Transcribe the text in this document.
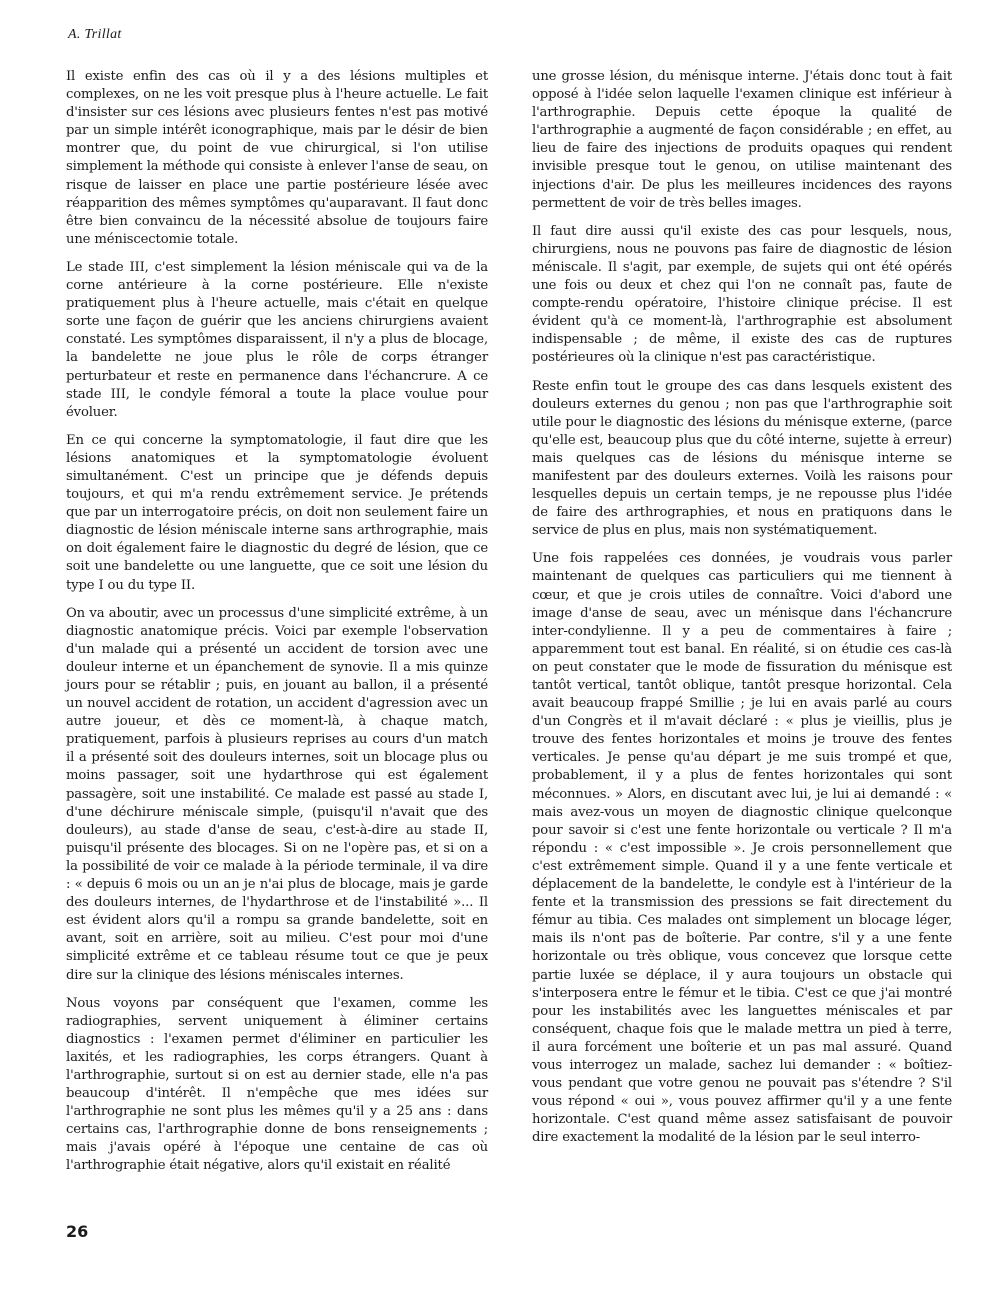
A. Trillat

Il existe enfin des cas où il y a des lésions multiples et complexes, on ne les voit presque plus à l'heure actuelle. Le fait d'insister sur ces lésions avec plusieurs fentes n'est pas motivé par un simple intérêt iconographique, mais par le désir de bien montrer que, du point de vue chirurgical, si l'on utilise simplement la méthode qui consiste à enlever l'anse de seau, on risque de laisser en place une partie postérieure lésée avec réapparition des mêmes symptômes qu'auparavant. Il faut donc être bien convaincu de la nécessité absolue de toujours faire une méniscectomie totale.

Le stade III, c'est simplement la lésion méniscale qui va de la corne antérieure à la corne postérieure. Elle n'existe pratiquement plus à l'heure actuelle, mais c'était en quelque sorte une façon de guérir que les anciens chirurgiens avaient constaté. Les symptômes disparaissent, il n'y a plus de blocage, la bandelette ne joue plus le rôle de corps étranger perturbateur et reste en permanence dans l'échancrure. A ce stade III, le condyle fémoral a toute la place voulue pour évoluer.

En ce qui concerne la symptomatologie, il faut dire que les lésions anatomiques et la symptomatologie évoluent simultanément. C'est un principe que je défends depuis toujours, et qui m'a rendu extrêmement service. Je prétends que par un interrogatoire précis, on doit non seulement faire un diagnostic de lésion méniscale interne sans arthrographie, mais on doit également faire le diagnostic du degré de lésion, que ce soit une bandelette ou une languette, que ce soit une lésion du type I ou du type II.

On va aboutir, avec un processus d'une simplicité extrême, à un diagnostic anatomique précis. Voici par exemple l'observation d'un malade qui a présenté un accident de torsion avec une douleur interne et un épanchement de synovie. Il a mis quinze jours pour se rétablir ; puis, en jouant au ballon, il a présenté un nouvel accident de rotation, un accident d'agression avec un autre joueur, et dès ce moment-là, à chaque match, pratiquement, parfois à plusieurs reprises au cours d'un match il a présenté soit des douleurs internes, soit un blocage plus ou moins passager, soit une hydarthrose qui est également passagère, soit une instabilité. Ce malade est passé au stade I, d'une déchirure méniscale simple, (puisqu'il n'avait que des douleurs), au stade d'anse de seau, c'est-à-dire au stade II, puisqu'il présente des blocages. Si on ne l'opère pas, et si on a la possibilité de voir ce malade à la période terminale, il va dire : « depuis 6 mois ou un an je n'ai plus de blocage, mais je garde des douleurs internes, de l'hydarthrose et de l'instabilité »... Il est évident alors qu'il a rompu sa grande bandelette, soit en avant, soit en arrière, soit au milieu. C'est pour moi d'une simplicité extrême et ce tableau résume tout ce que je peux dire sur la clinique des lésions méniscales internes.

Nous voyons par conséquent que l'examen, comme les radiographies, servent uniquement à éliminer certains diagnostics : l'examen permet d'éliminer en particulier les laxités, et les radiographies, les corps étrangers. Quant à l'arthrographie, surtout si on est au dernier stade, elle n'a pas beaucoup d'intérêt. Il n'empêche que mes idées sur l'arthrographie ne sont plus les mêmes qu'il y a 25 ans : dans certains cas, l'arthrographie donne de bons renseignements ; mais j'avais opéré à l'époque une centaine de cas où l'arthrographie était négative, alors qu'il existait en réalité

une grosse lésion, du ménisque interne. J'étais donc tout à fait opposé à l'idée selon laquelle l'examen clinique est inférieur à l'arthrographie. Depuis cette époque la qualité de l'arthrographie a augmenté de façon considérable ; en effet, au lieu de faire des injections de produits opaques qui rendent invisible presque tout le genou, on utilise maintenant des injections d'air. De plus les meilleures incidences des rayons permettent de voir de très belles images.

Il faut dire aussi qu'il existe des cas pour lesquels, nous, chirurgiens, nous ne pouvons pas faire de diagnostic de lésion méniscale. Il s'agit, par exemple, de sujets qui ont été opérés une fois ou deux et chez qui l'on ne connaît pas, faute de compte-rendu opératoire, l'histoire clinique précise. Il est évident qu'à ce moment-là, l'arthrographie est absolument indispensable ; de même, il existe des cas de ruptures postérieures où la clinique n'est pas caractéristique.

Reste enfin tout le groupe des cas dans lesquels existent des douleurs externes du genou ; non pas que l'arthrographie soit utile pour le diagnostic des lésions du ménisque externe, (parce qu'elle est, beaucoup plus que du côté interne, sujette à erreur) mais quelques cas de lésions du ménisque interne se manifestent par des douleurs externes. Voilà les raisons pour lesquelles depuis un certain temps, je ne repousse plus l'idée de faire des arthrographies, et nous en pratiquons dans le service de plus en plus, mais non systématiquement.

Une fois rappelées ces données, je voudrais vous parler maintenant de quelques cas particuliers qui me tiennent à cœur, et que je crois utiles de connaître. Voici d'abord une image d'anse de seau, avec un ménisque dans l'échancrure inter-condylienne. Il y a peu de commentaires à faire ; apparemment tout est banal. En réalité, si on étudie ces cas-là on peut constater que le mode de fissuration du ménisque est tantôt vertical, tantôt oblique, tantôt presque horizontal. Cela avait beaucoup frappé Smillie ; je lui en avais parlé au cours d'un Congrès et il m'avait déclaré : « plus je vieillis, plus je trouve des fentes horizontales et moins je trouve des fentes verticales. Je pense qu'au départ je me suis trompé et que, probablement, il y a plus de fentes horizontales qui sont méconnues. » Alors, en discutant avec lui, je lui ai demandé : « mais avez-vous un moyen de diagnostic clinique quelconque pour savoir si c'est une fente horizontale ou verticale ? Il m'a répondu : « c'est impossible ». Je crois personnellement que c'est extrêmement simple. Quand il y a une fente verticale et déplacement de la bandelette, le condyle est à l'intérieur de la fente et la transmission des pressions se fait directement du fémur au tibia. Ces malades ont simplement un blocage léger, mais ils n'ont pas de boîterie. Par contre, s'il y a une fente horizontale ou très oblique, vous concevez que lorsque cette partie luxée se déplace, il y aura toujours un obstacle qui s'interposera entre le fémur et le tibia. C'est ce que j'ai montré pour les instabilités avec les languettes méniscales et par conséquent, chaque fois que le malade mettra un pied à terre, il aura forcément une boîterie et un pas mal assuré. Quand vous interrogez un malade, sachez lui demander : « boîtiez-vous pendant que votre genou ne pouvait pas s'étendre ? S'il vous répond « oui », vous pouvez affirmer qu'il y a une fente horizontale. C'est quand même assez satisfaisant de pouvoir dire exactement la modalité de la lésion par le seul interro-

26
